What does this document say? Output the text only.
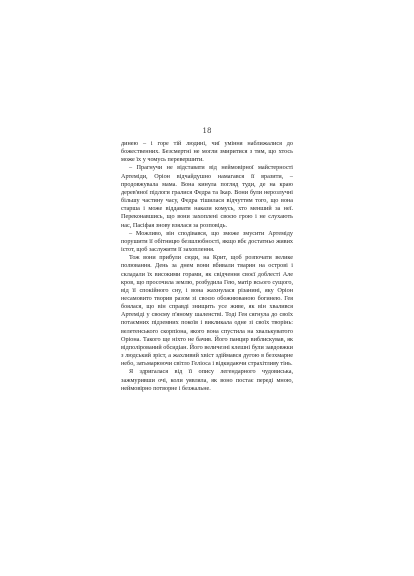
18

динею – і горе тій людині, чиї уміння наближалися до божественних. Безсмертні не могли змиритися з тим, що хтось може їх у чомусь перевершити.

– Прагнучи не відставати від неймовірної майстерності Артеміди, Оріон відчайдушно намагався її вразити, – продовжувала мама. Вона кинула погляд туди, де на краю дерев'яної підлоги гралися Федра та Ікар. Вони були нерозлучні більшу частину часу, Федра тішилася відчуттям того, що вона старша і може віддавати накази комусь, хто менший за неї. Переконавшись, що вони захоплені своєю грою і не слухають нас, Пасіфая знову взялася за розповідь.

– Можливо, він сподівався, що зможе змусити Артеміду порушити її обітницю безшлюбності, якщо вбє достатньо живих істот, щоб заслужити її захоплення.

Тож вони прибули сюди, на Крит, щоб розпочати велике полювання. День за днем вони вбивали тварин на острові і складали їх високими горами, як свідчення своєї доблесті Але кров, що просочила землю, розбудила Гею, матір всього сущого, від її спокійного сну, і вона жахнулася різанині, яку Оріон несамовито творив разом зі своєю обожнюваною богинею. Гея боялася, що він справді знищить усе живе, як він хвалився Артеміді у своєму п'яному шаленстві. Тоді Гея сягнула до своїх потаємних підземних покоїв і викликала одне зі своїх творінь: велетенського скорпіона, якого вона спустила на хвалькуватого Оріона. Такого ще ніхто не бачив. Його панцир виблискував, як відполірований обсидіан. Його величезні клешні були завдовжки з людський зріст, а жахливий хвіст здіймався дугою в безхмарне небо, затьмарюючи світло Геліоса і відкидаючи страхітливу тінь.

Я здригалася від її опису легендарного чудовиська, зажмуривши очі, коли уявляла, як воно постає переді мною, неймовірно потворне і безжальне.
